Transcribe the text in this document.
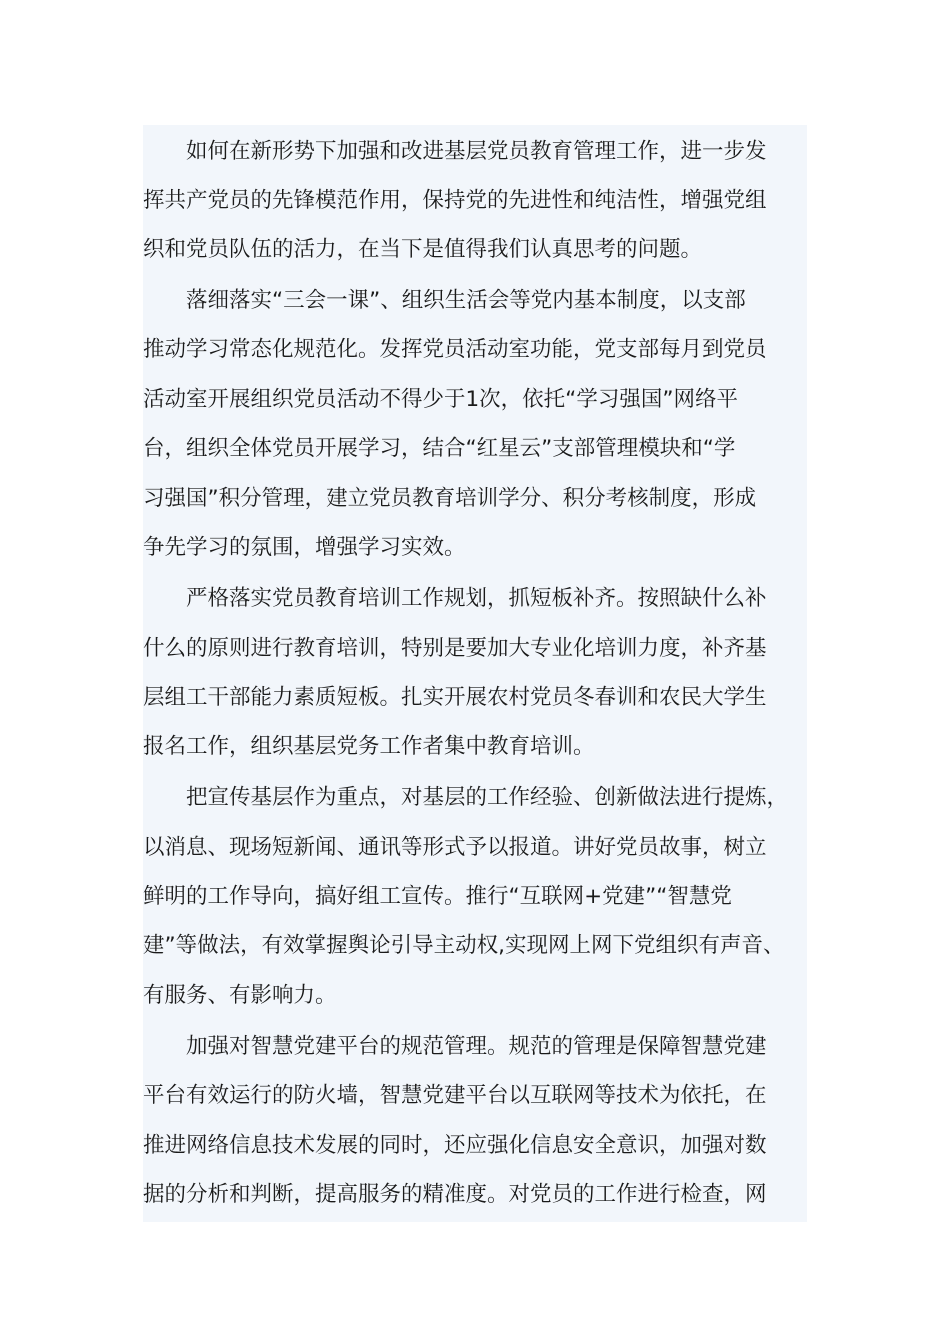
如何在新形势下加强和改进基层党员教育管理工作，进一步发
挥共产党员的先锋模范作用，保持党的先进性和纯洁性，增强党组
织和党员队伍的活力，在当下是值得我们认真思考的问题。
落细落实“三会一课”、组织生活会等党内基本制度，以支部
推动学习常态化规范化。发挥党员活动室功能，党支部每月到党员
活动室开展组织党员活动不得少于1次，依托“学习强国”网络平
台，组织全体党员开展学习，结合“红星云”支部管理模块和“学
习强国”积分管理，建立党员教育培训学分、积分考核制度，形成
争先学习的氛围，增强学习实效。
严格落实党员教育培训工作规划，抓短板补齐。按照缺什么补
什么的原则进行教育培训，特别是要加大专业化培训力度，补齐基
层组工干部能力素质短板。扎实开展农村党员冬春训和农民大学生
报名工作，组织基层党务工作者集中教育培训。
把宣传基层作为重点，对基层的工作经验、创新做法进行提炼，
以消息、现场短新闻、通讯等形式予以报道。讲好党员故事，树立
鲜明的工作导向，搞好组工宣传。推行“互联网+党建”“智慧党
建”等做法，有效掌握舆论引导主动权,实现网上网下党组织有声音、
有服务、有影响力。
加强对智慧党建平台的规范管理。规范的管理是保障智慧党建
平台有效运行的防火墙，智慧党建平台以互联网等技术为依托，在
推进网络信息技术发展的同时，还应强化信息安全意识，加强对数
据的分析和判断，提高服务的精准度。对党员的工作进行检查，网
